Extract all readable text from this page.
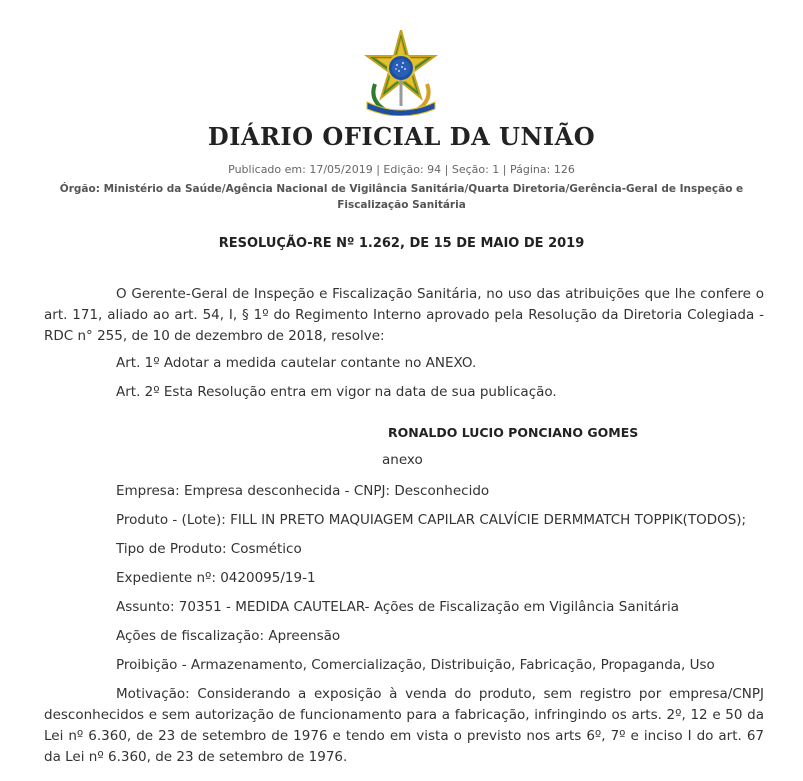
DIÁRIO OFICIAL DA UNIÃO
Publicado em: 17/05/2019 | Edição: 94 | Seção: 1 | Página: 126
Órgão: Ministério da Saúde/Agência Nacional de Vigilância Sanitária/Quarta Diretoria/Gerência-Geral de Inspeção e Fiscalização Sanitária
RESOLUÇÃO-RE Nº 1.262, DE 15 DE MAIO DE 2019

O Gerente-Geral de Inspeção e Fiscalização Sanitária, no uso das atribuições que lhe confere o art. 171, aliado ao art. 54, I, § 1º do Regimento Interno aprovado pela Resolução da Diretoria Colegiada - RDC n° 255, de 10 de dezembro de 2018, resolve:

Art. 1º Adotar a medida cautelar contante no ANEXO.
Art. 2º Esta Resolução entra em vigor na data de sua publicação.
RONALDO LUCIO PONCIANO GOMES
anexo
Empresa: Empresa desconhecida - CNPJ: Desconhecido
Produto - (Lote): FILL IN PRETO MAQUIAGEM CAPILAR CALVÍCIE DERMMATCH TOPPIK(TODOS);
Tipo de Produto: Cosmético
Expediente nº: 0420095/19-1
Assunto: 70351 - MEDIDA CAUTELAR- Ações de Fiscalização em Vigilância Sanitária
Ações de fiscalização: Apreensão
Proibição - Armazenamento, Comercialização, Distribuição, Fabricação, Propaganda, Uso

Motivação: Considerando a exposição à venda do produto, sem registro por empresa/CNPJ desconhecidos e sem autorização de funcionamento para a fabricação, infringindo os arts. 2º, 12 e 50 da Lei nº 6.360, de 23 de setembro de 1976 e tendo em vista o previsto nos arts 6º, 7º e inciso I do art. 67 da Lei nº 6.360, de 23 de setembro de 1976.
